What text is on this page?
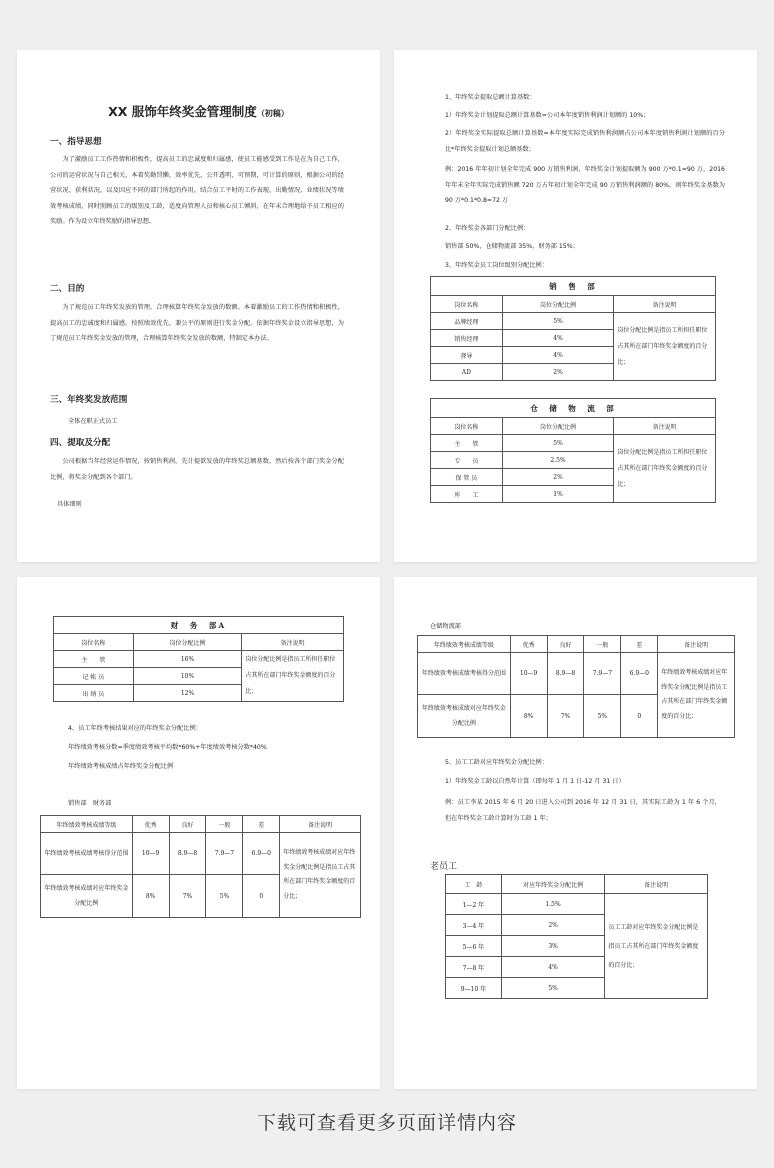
XX 服饰年终奖金管理制度（初稿）
一、指导思想
为了激励员工工作热情和积极性，提高员工的忠诚度和归属感，使员工能感受到工作是在为自己工作，公司的运营状况与自己相关，本着奖勤罚懒、效率优先，公开透明、可预期，可计算的原则，根据公司的经营状况、获利状况，以及因应不同的部门所起的作用，结合员工平时的工作表现、出勤情况、业绩状况等绩效考核成绩，同时照顾员工的级别及工龄，适度向管理人员和核心员工倾斜，在年末合理地给予员工相应的奖励。作为设立年终奖励的指导思想。
二、目的
为了规范员工年终奖发放的管理，合理核算年终奖金发放的数额。本着激励员工的工作热情和积极性，提高员工的忠诚度和归属感。按照绩效优先、兼公平的原则进行奖金分配。依据年终奖金设立指导思想，为了规范员工年终奖金发放的管理，合理核算年终奖金发放的数额，特制定本办法。
三、年终奖发放范围
全体在职正式员工
四、提取及分配
公司根据当年经营运作情况，按销售利润，先计提欲发放的年终奖总额基数，然后按各个部门奖金分配比例，将奖金分配到各个部门。
具体细则
1、年终奖金提取总额计算基数：
1）年终奖金计划提取总额计算基数=公司本年度销售利润计划额的 10%；
2）年终奖金实际提取总额计算基数=本年度实际完成销售利润额占公司本年度销售利润计划额的百分比*年终奖金提取计划总额基数；
例：2016 年年初计划全年完成 900 万销售利润，年终奖金计划提取额为 900 万*0.1=90 万，2016 年年末全年实际完成销售额 720 万占年初计划全年完成 90 万销售利润额的 80%，则年终奖金基数为 90 万*0.1*0.8=72 万
2、年终奖金各部门分配比例：
销售部 50%，仓储物流部 35%，财务部 15%；
3、年终奖金员工岗位级别分配比例：
销　售　部		
岗位名称	岗位分配比例	备注说明
品牌经理	5%	岗位分配比例是指员工所担任职位占其所在部门年终奖金额度的百分比；
销售经理	4%	
督导	4%	
AD	2%	
仓　储　物　流　部		
岗位名称	岗位分配比例	备注说明
主　　管	5%	岗位分配比例是指员工所担任职位占其所在部门年终奖金额度的百分比；
专　　员	2.5%	
保 管 员	2%	
库　　工	1%	
财　务　部A		
岗位名称	岗位分配比例	备注说明
主　　管	16%	岗位分配比例是指员工所担任职位占其所在部门年终奖金额度的百分比；
记 帐 员	10%	
出 纳 员	12%	
4、员工年终考核结果对应的年终奖金分配比例：
年终绩效考核分数=季度绩效考核平均数*60%+年度绩效考核分数*40%
年终绩效考核成绩占年终奖金分配比例
销售部　财务部
年终绩效考核成绩等级	优秀	良好	一般	差	备注说明
年终绩效考核成绩考核得分范围	10—9	8.9—8	7.9—7	6.9—0	年终绩效考核成绩对应年终奖金分配比例是指员工占其所在部门年终奖金额度的百分比；
年终绩效考核成绩对应年终奖金分配比例	8%	7%	5%	0	
仓储物流部
年终绩效考核成绩等级	优秀	良好	一般	差	备注说明
年终绩效考核成绩考核得分范围	10—9	8.9—8	7.9—7	6.9—0	年终绩效考核成绩对应年终奖金分配比例是指员工占其所在部门年终奖金额度的百分比；
年终绩效考核成绩对应年终奖金分配比例	8%	7%	5%	0	
5、员工工龄对应年终奖金分配比例：
1）年终奖金工龄以自然年计算（即每年 1 月 1 日-12 月 31 日）
例：员工李某 2015 年 6 月 20 日进入公司到 2016 年 12 月 31 日，其实际工龄为 1 年 6 个月，但在年终奖金工龄计算时为工龄 1 年；
老员工
工　龄	对应年终奖金分配比例	备注说明
1—2 年	1.5%	员工工龄对应年终奖金分配比例是指员工占其所在部门年终奖金额度的百分比；
3—4 年	2%	
5—6 年	3%	
7—8 年	4%	
9—10 年	5%	
下载可查看更多页面详情内容
